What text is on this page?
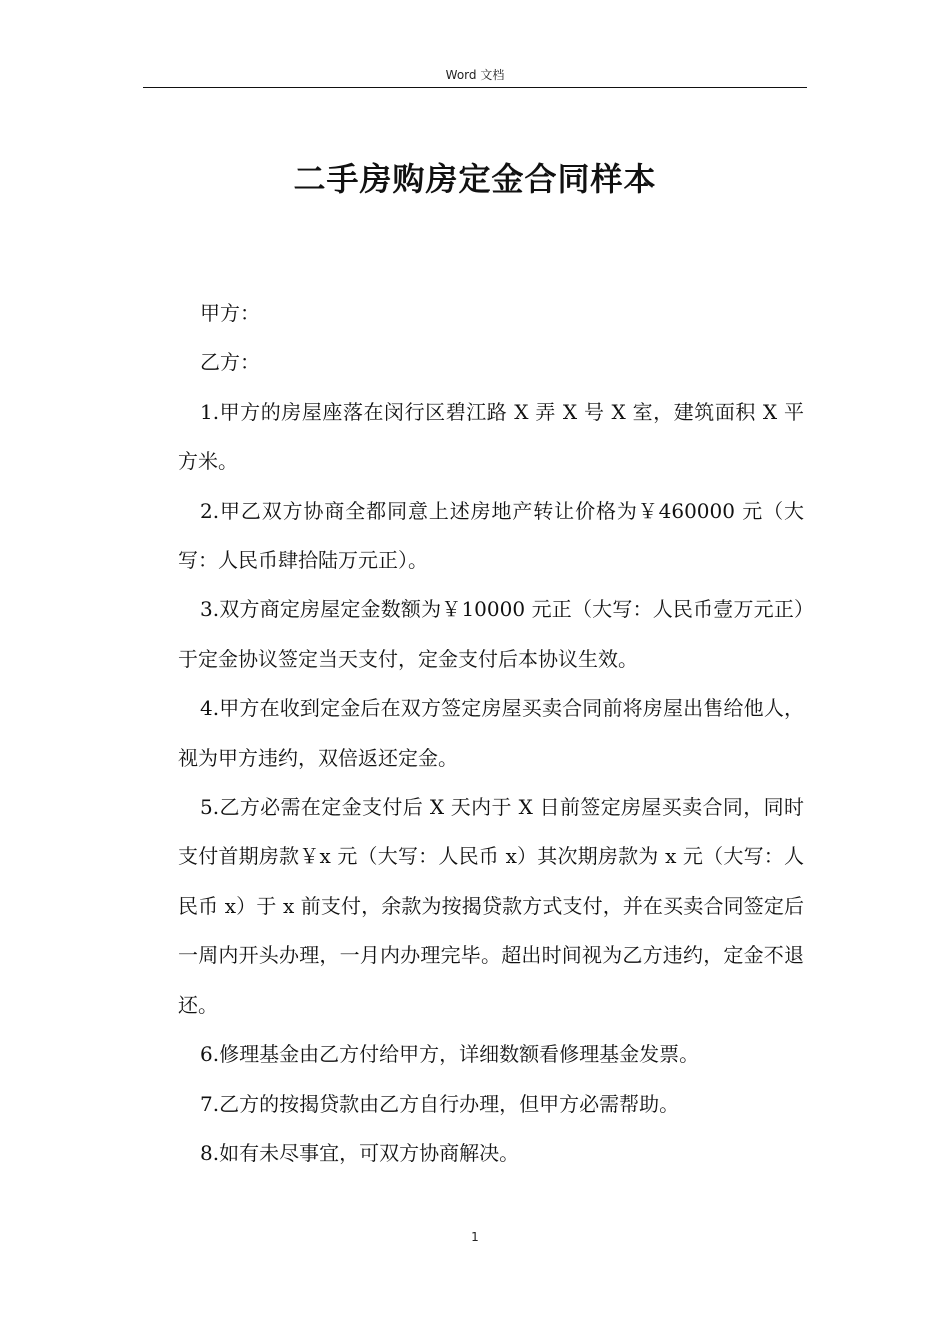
Word 文档
二手房购房定金合同样本

甲方：

乙方：

1.甲方的房屋座落在闵行区碧江路 X 弄 X 号 X 室，建筑面积 X 平方米。

2.甲乙双方协商全都同意上述房地产转让价格为￥460000 元（大写：人民币肆拾陆万元正）。

3.双方商定房屋定金数额为￥10000 元正（大写：人民币壹万元正）于定金协议签定当天支付，定金支付后本协议生效。

4.甲方在收到定金后在双方签定房屋买卖合同前将房屋出售给他人，视为甲方违约，双倍返还定金。

5.乙方必需在定金支付后 X 天内于 X 日前签定房屋买卖合同，同时支付首期房款￥x 元（大写：人民币 x）其次期房款为 x 元（大写：人民币 x）于 x 前支付，余款为按揭贷款方式支付，并在买卖合同签定后一周内开头办理，一月内办理完毕。超出时间视为乙方违约，定金不退还。

6.修理基金由乙方付给甲方，详细数额看修理基金发票。

7.乙方的按揭贷款由乙方自行办理，但甲方必需帮助。

8.如有未尽事宜，可双方协商解决。

1
